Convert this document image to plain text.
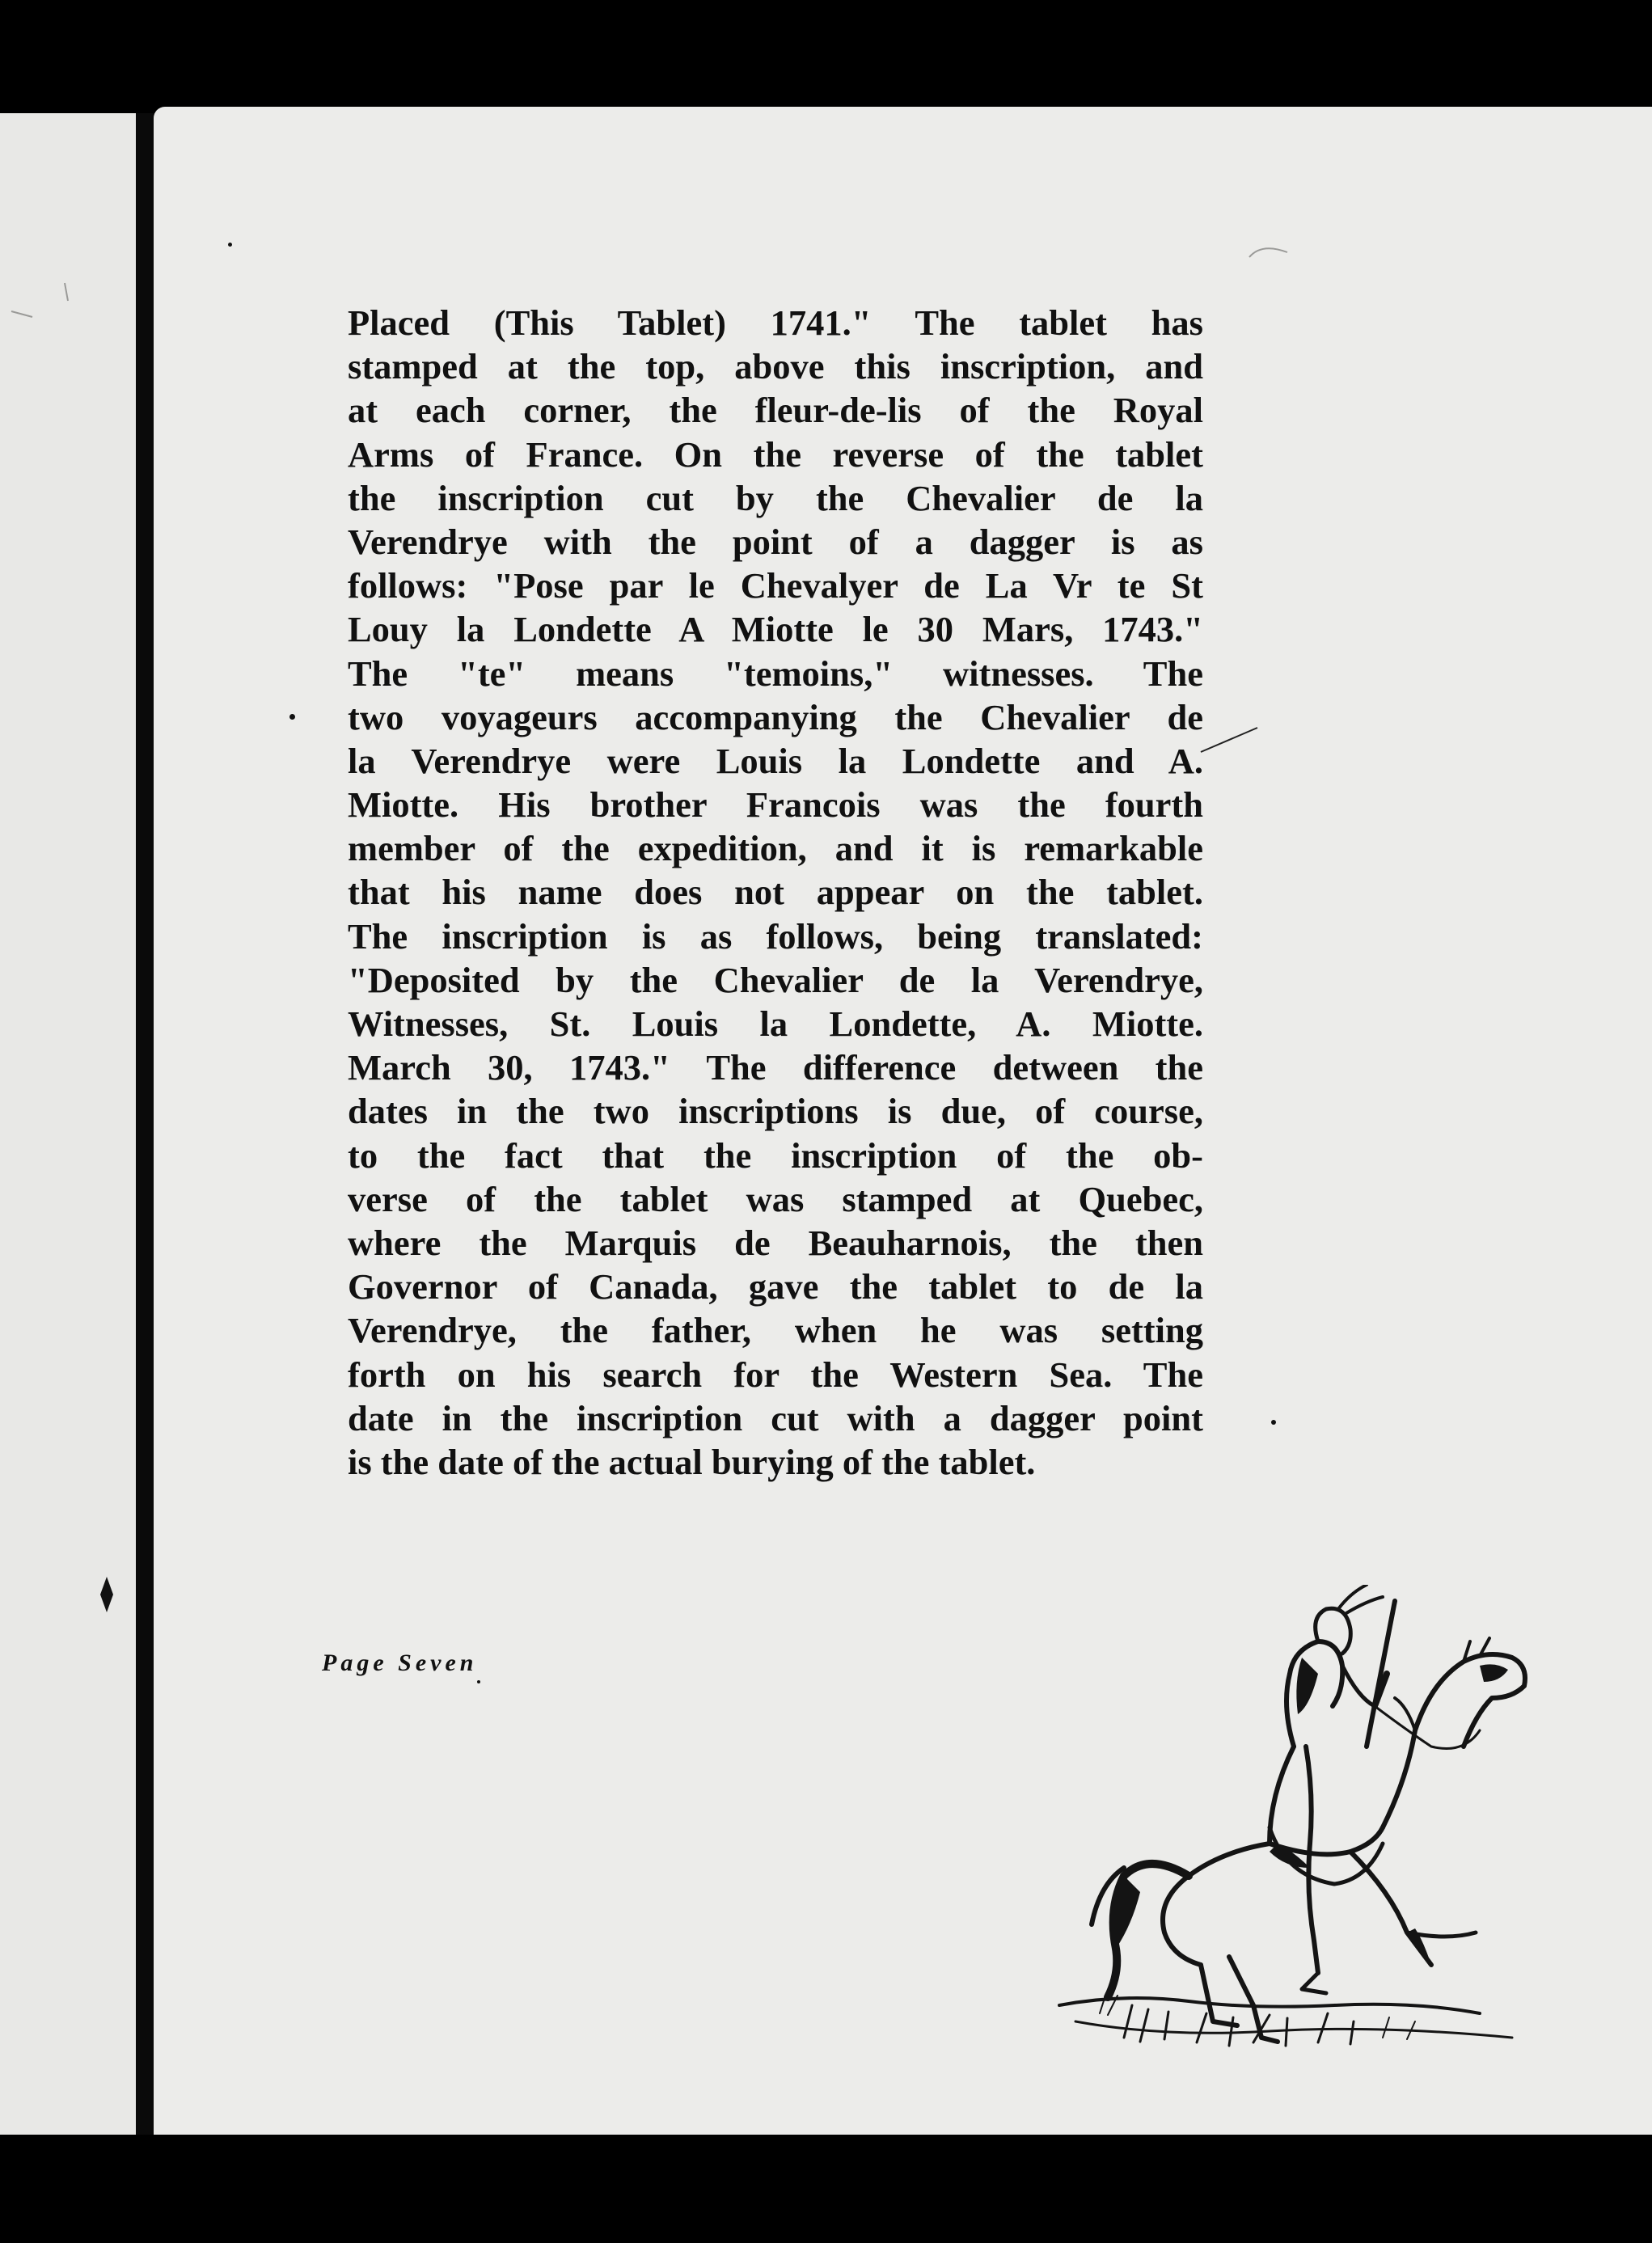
Placed (This Tablet) 1741." The tablet has
stamped at the top, above this inscription, and
at each corner, the fleur-de-lis of the Royal
Arms of France. On the reverse of the tablet
the inscription cut by the Chevalier de la
Verendrye with the point of a dagger is as
follows: "Pose par le Chevalyer de La Vr te St
Louy la Londette A Miotte le 30 Mars, 1743."
The "te" means "temoins," witnesses. The
two voyageurs accompanying the Chevalier de
la Verendrye were Louis la Londette and A.
Miotte. His brother Francois was the fourth
member of the expedition, and it is remarkable
that his name does not appear on the tablet.
The inscription is as follows, being translated:
"Deposited by the Chevalier de la Verendrye,
Witnesses, St. Louis la Londette, A. Miotte.
March 30, 1743." The difference detween the
dates in the two inscriptions is due, of course,
to the fact that the inscription of the ob-
verse of the tablet was stamped at Quebec,
where the Marquis de Beauharnois, the then
Governor of Canada, gave the tablet to de la
Verendrye, the father, when he was setting
forth on his search for the Western Sea. The
date in the inscription cut with a dagger point
is the date of the actual burying of the tablet.
Page Seven
